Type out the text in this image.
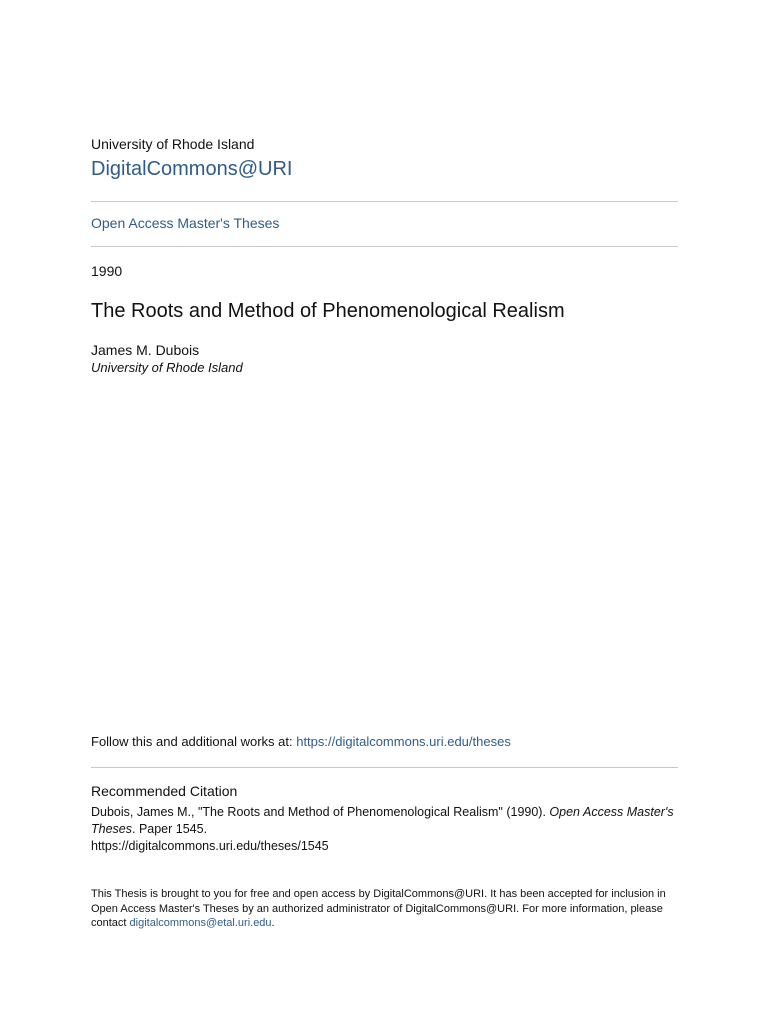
University of Rhode Island
DigitalCommons@URI
Open Access Master's Theses
1990
The Roots and Method of Phenomenological Realism
James M. Dubois
University of Rhode Island
Follow this and additional works at: https://digitalcommons.uri.edu/theses
Recommended Citation
Dubois, James M., "The Roots and Method of Phenomenological Realism" (1990). Open Access Master's Theses. Paper 1545.
https://digitalcommons.uri.edu/theses/1545
This Thesis is brought to you for free and open access by DigitalCommons@URI. It has been accepted for inclusion in Open Access Master's Theses by an authorized administrator of DigitalCommons@URI. For more information, please contact digitalcommons@etal.uri.edu.
